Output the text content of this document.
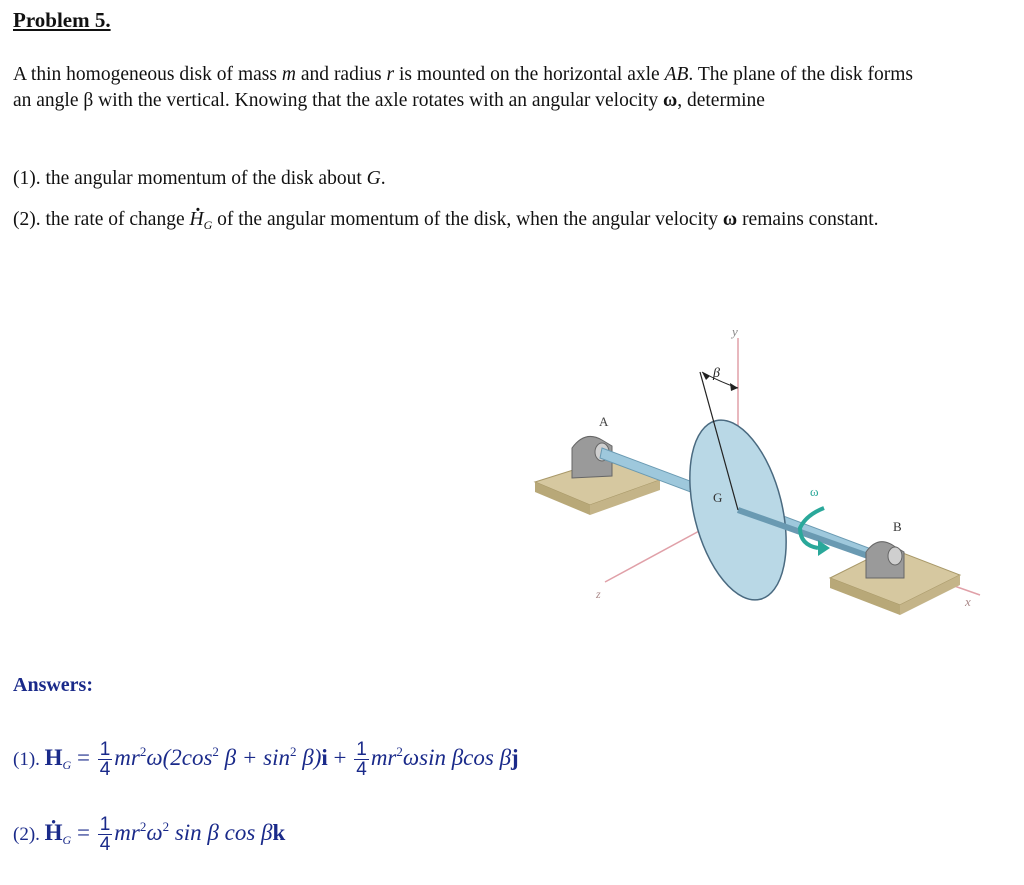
Problem 5.
A thin homogeneous disk of mass m and radius r is mounted on the horizontal axle AB. The plane of the disk forms an angle β with the vertical. Knowing that the axle rotates with an angular velocity ω, determine
(1). the angular momentum of the disk about G.
(2). the rate of change . $H_G$ of the angular momentum of the disk, when the angular velocity ω remains constant.
y
β
A
G	ω
B
z	x
Answers:
(1). $H_G = \frac{1}{4} mr^2\omega(2\cos^2$ $\beta + \sin^2 \beta)i + \frac{1}{4} mr^2\omega\sin$ βcos βj
(2). Ḣ$_G$ = $\frac{1}{4} mr^2\omega^2$ sin β cos βk
